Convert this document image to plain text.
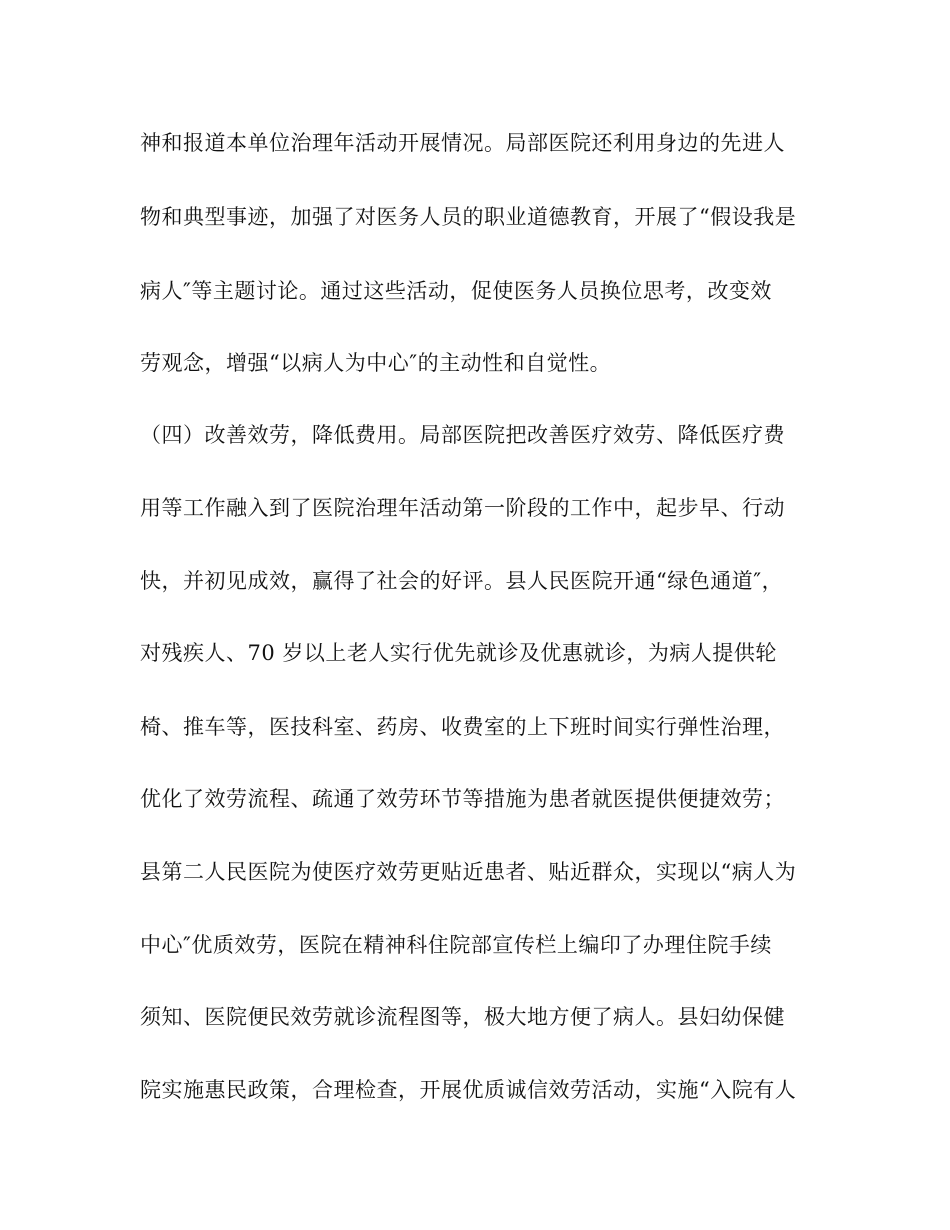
神和报道本单位治理年活动开展情况。局部医院还利用身边的先进人
物和典型事迹，加强了对医务人员的职业道德教育，开展了“假设我是
病人″等主题讨论。通过这些活动，促使医务人员换位思考，改变效
劳观念，增强“以病人为中心″的主动性和自觉性。
（四）改善效劳，降低费用。局部医院把改善医疗效劳、降低医疗费
用等工作融入到了医院治理年活动第一阶段的工作中，起步早、行动
快，并初见成效，赢得了社会的好评。县人民医院开通“绿色通道″，
对残疾人、70 岁以上老人实行优先就诊及优惠就诊，为病人提供轮
椅、推车等，医技科室、药房、收费室的上下班时间实行弹性治理，
优化了效劳流程、疏通了效劳环节等措施为患者就医提供便捷效劳；
县第二人民医院为使医疗效劳更贴近患者、贴近群众，实现以“病人为
中心″优质效劳，医院在精神科住院部宣传栏上编印了办理住院手续
须知、医院便民效劳就诊流程图等，极大地方便了病人。县妇幼保健
院实施惠民政策，合理检查，开展优质诚信效劳活动，实施“入院有人
